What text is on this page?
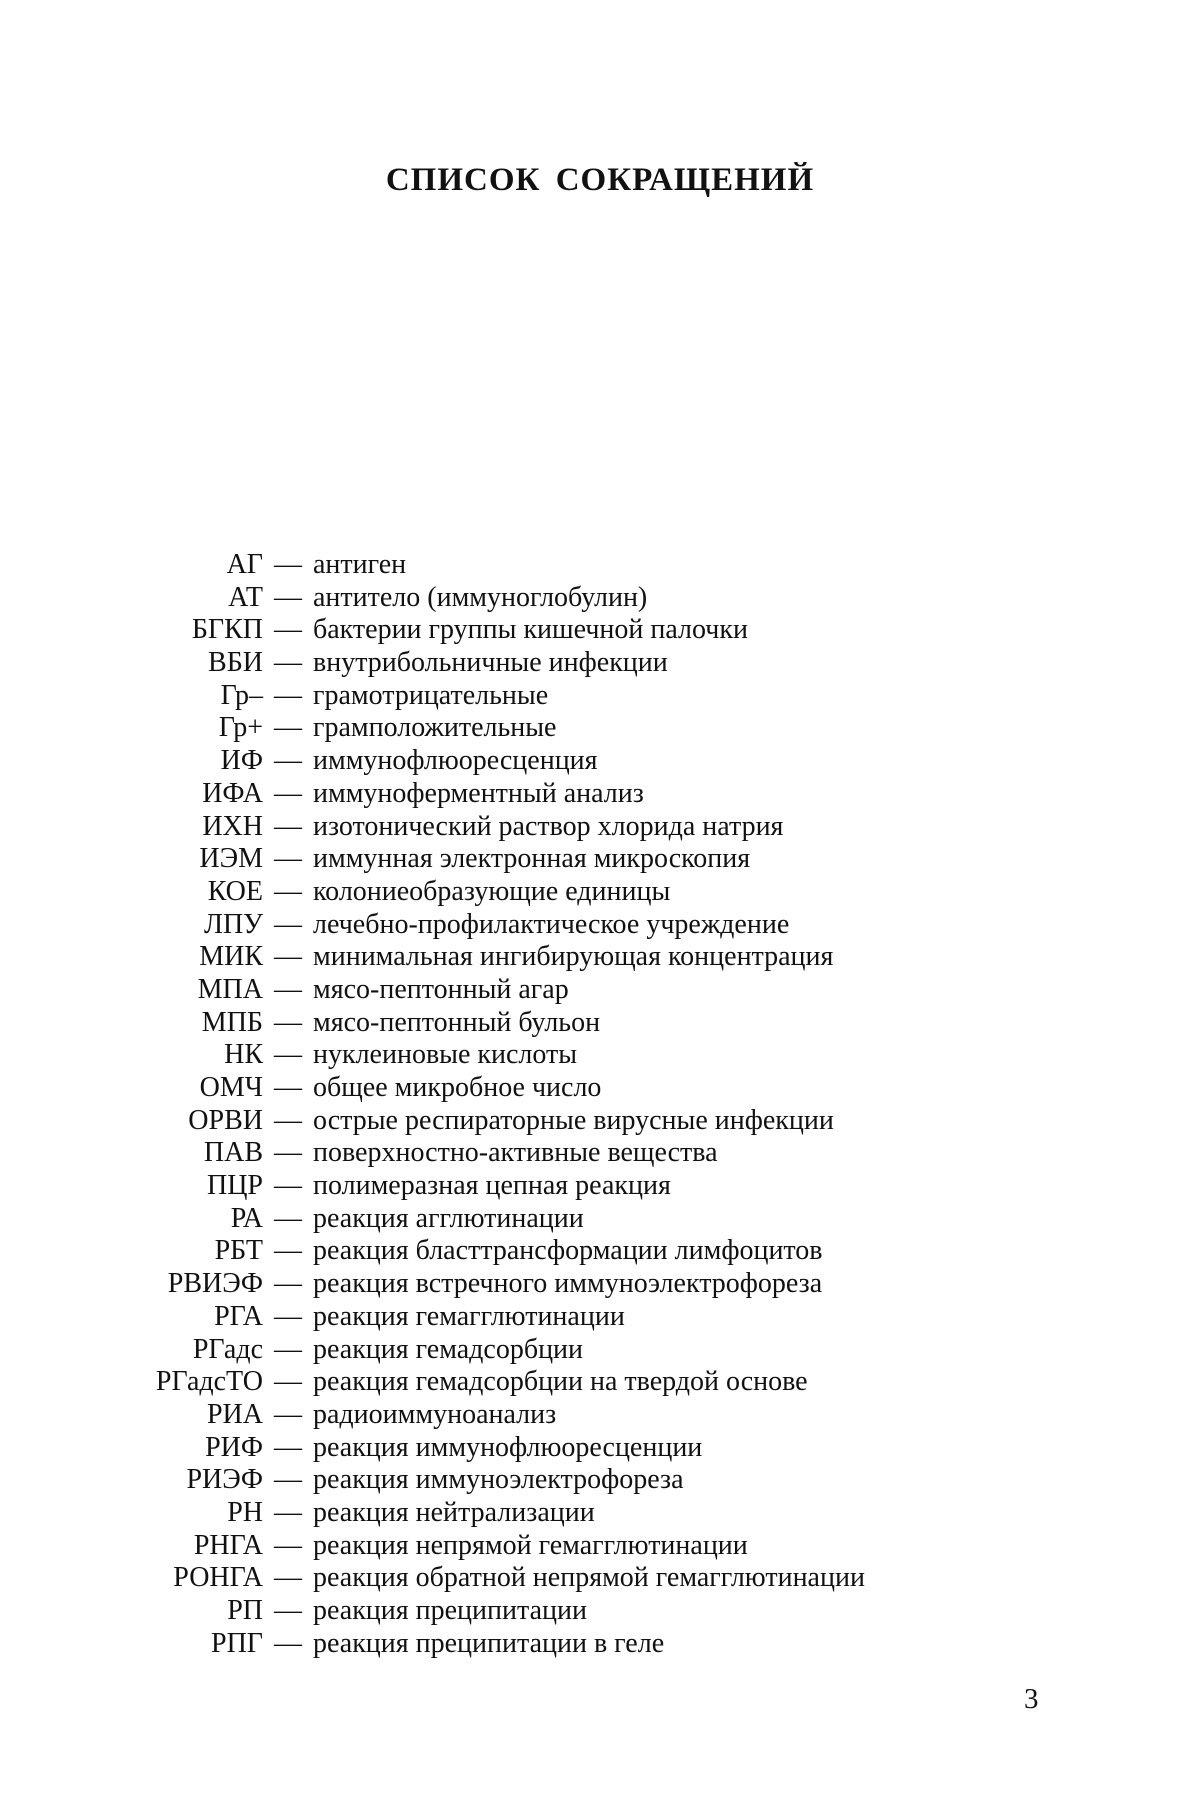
СПИСОК СОКРАЩЕНИЙ
АГ — антиген
АТ — антитело (иммуноглобулин)
БГКП — бактерии группы кишечной палочки
ВБИ — внутрибольничные инфекции
Гр– — грамотрицательные
Гр+ — грамположительные
ИФ — иммунофлюоресценция
ИФА — иммуноферментный анализ
ИХН — изотонический раствор хлорида натрия
ИЭМ — иммунная электронная микроскопия
КОЕ — колониеобразующие единицы
ЛПУ — лечебно-профилактическое учреждение
МИК — минимальная ингибирующая концентрация
МПА — мясо-пептонный агар
МПБ — мясо-пептонный бульон
НК — нуклеиновые кислоты
ОМЧ — общее микробное число
ОРВИ — острые респираторные вирусные инфекции
ПАВ — поверхностно-активные вещества
ПЦР — полимеразная цепная реакция
РА — реакция агглютинации
РБТ — реакция бласттрансформации лимфоцитов
РВИЭФ — реакция встречного иммуноэлектрофореза
РГА — реакция гемагглютинации
РГадс — реакция гемадсорбции
РГадсТО — реакция гемадсорбции на твердой основе
РИА — радиоиммуноанализ
РИФ — реакция иммунофлюоресценции
РИЭФ — реакция иммуноэлектрофореза
РН — реакция нейтрализации
РНГА — реакция непрямой гемагглютинации
РОНГА — реакция обратной непрямой гемагглютинации
РП — реакция преципитации
РПГ — реакция преципитации в геле
3
